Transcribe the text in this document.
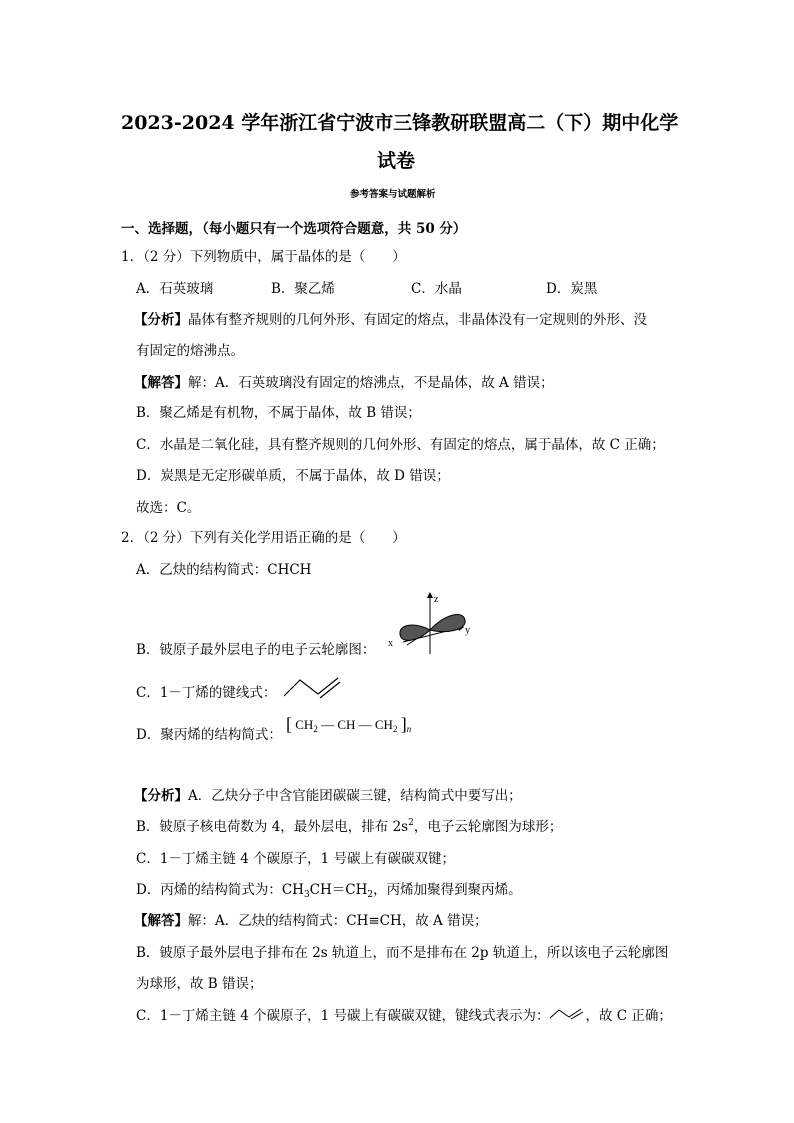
2023-2024 学年浙江省宁波市三锋教研联盟高二（下）期中化学
试卷
参考答案与试题解析
一、选择题，（每小题只有一个选项符合题意，共 50 分）
1．（2 分）下列物质中，属于晶体的是（　　）
A．石英玻璃	B．聚乙烯	C．水晶	D．炭黑
【分析】晶体有整齐规则的几何外形、有固定的熔点，非晶体没有一定规则的外形、没
有固定的熔沸点。
【解答】解：A．石英玻璃没有固定的熔沸点，不是晶体，故 A 错误；
B．聚乙烯是有机物，不属于晶体，故 B 错误；
C．水晶是二氧化硅，具有整齐规则的几何外形、有固定的熔点，属于晶体，故 C 正确；
D．炭黑是无定形碳单质，不属于晶体，故 D 错误；
故选：C。
2．（2 分）下列有关化学用语正确的是（　　）
A．乙炔的结构简式：CHCH
B．铍原子最外层电子的电子云轮廓图：
z
y
x
C．1－丁烯的键线式：
D．聚丙烯的结构简式：
[ $CH_2$ — CH — $CH_2$ ]$_n$
【分析】A．乙炔分子中含官能团碳碳三键，结构简式中要写出；
B．铍原子核电荷数为 4，最外层电，排布 $2s^2$，电子云轮廓图为球形；
C．1－丁烯主链 4 个碳原子，1 号碳上有碳碳双键；
D．丙烯的结构简式为：$CH_3CH=CH_2$，丙烯加聚得到聚丙烯。
【解答】解：A．乙炔的结构简式：CH≡CH，故 A 错误；
B．铍原子最外层电子排布在 2s 轨道上，而不是排布在 2p 轨道上，所以该电子云轮廓图
为球形，故 B 错误；
C．1－丁烯主链 4 个碳原子，1 号碳上有碳碳双键，键线式表示为：	，故 C 正确；
